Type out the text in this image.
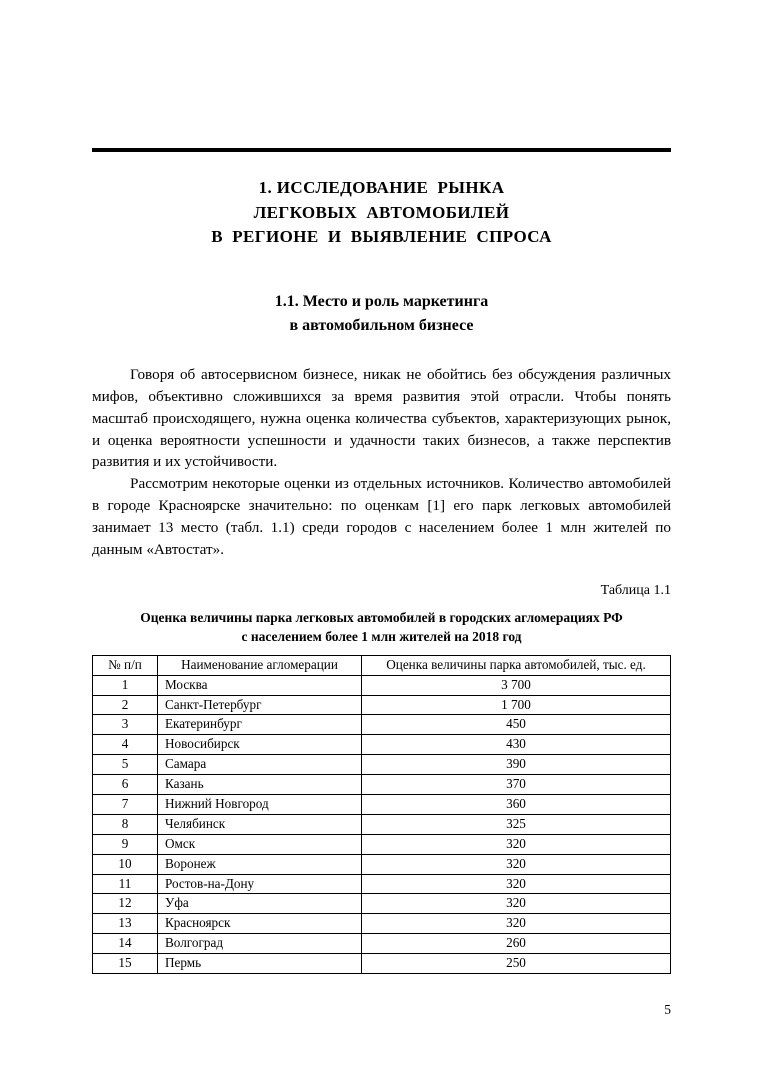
1. ИССЛЕДОВАНИЕ  РЫНКА
ЛЕГКОВЫХ  АВТОМОБИЛЕЙ
В  РЕГИОНЕ  И  ВЫЯВЛЕНИЕ  СПРОСА
1.1. Место и роль маркетинга
в автомобильном бизнесе

Говоря об автосервисном бизнесе, никак не обойтись без обсуждения различных мифов, объективно сложившихся за время развития этой отрасли. Чтобы понять масштаб происходящего, нужна оценка количества субъектов, характеризующих рынок, и оценка вероятности успешности и удачности таких бизнесов, а также перспектив развития и их устойчивости.

Рассмотрим некоторые оценки из отдельных источников. Количество автомобилей в городе Красноярске значительно: по оценкам [1] его парк легковых автомобилей занимает 13 место (табл. 1.1) среди городов с населением более 1 млн жителей по данным «Автостат».

Таблица 1.1
Оценка величины парка легковых автомобилей в городских агломерациях РФ
с населением более 1 млн жителей на 2018 год
№ п/п	Наименование агломерации	Оценка величины парка автомобилей, тыс. ед.
1	Москва	3 700
2	Санкт-Петербург	1 700
3	Екатеринбург	450
4	Новосибирск	430
5	Самара	390
6	Казань	370
7	Нижний Новгород	360
8	Челябинск	325
9	Омск	320
10	Воронеж	320
11	Ростов-на-Дону	320
12	Уфа	320
13	Красноярск	320
14	Волгоград	260
15	Пермь	250
5
